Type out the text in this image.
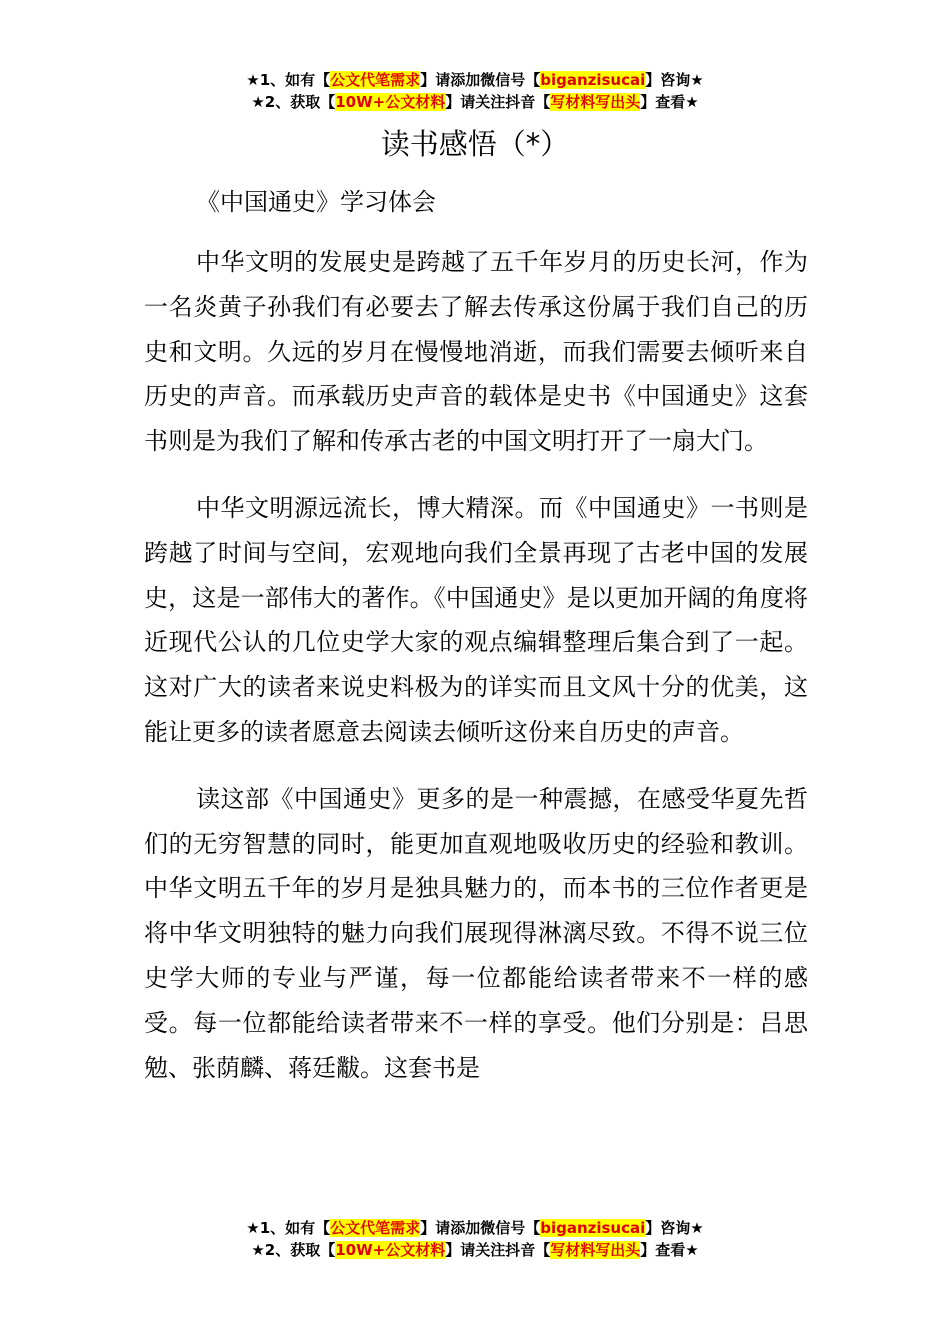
★1、如有【公文代笔需求】请添加微信号【biganzisucai】咨询★
★2、获取【10W+公文材料】请关注抖音【写材料写出头】查看★
读书感悟（*）
《中国通史》学习体会

中华文明的发展史是跨越了五千年岁月的历史长河，作为一名炎黄子孙我们有必要去了解去传承这份属于我们自己的历史和文明。久远的岁月在慢慢地消逝，而我们需要去倾听来自历史的声音。而承载历史声音的载体是史书《中国通史》这套书则是为我们了解和传承古老的中国文明打开了一扇大门。

中华文明源远流长，博大精深。而《中国通史》一书则是跨越了时间与空间，宏观地向我们全景再现了古老中国的发展史，这是一部伟大的著作。《中国通史》是以更加开阔的角度将近现代公认的几位史学大家的观点编辑整理后集合到了一起。这对广大的读者来说史料极为的详实而且文风十分的优美，这能让更多的读者愿意去阅读去倾听这份来自历史的声音。

读这部《中国通史》更多的是一种震撼，在感受华夏先哲们的无穷智慧的同时，能更加直观地吸收历史的经验和教训。中华文明五千年的岁月是独具魅力的，而本书的三位作者更是将中华文明独特的魅力向我们展现得淋漓尽致。不得不说三位史学大师的专业与严谨，每一位都能给读者带来不一样的感受。每一位都能给读者带来不一样的享受。他们分别是：吕思勉、张荫麟、蒋廷黻。这套书是

★1、如有【公文代笔需求】请添加微信号【biganzisucai】咨询★
★2、获取【10W+公文材料】请关注抖音【写材料写出头】查看★
